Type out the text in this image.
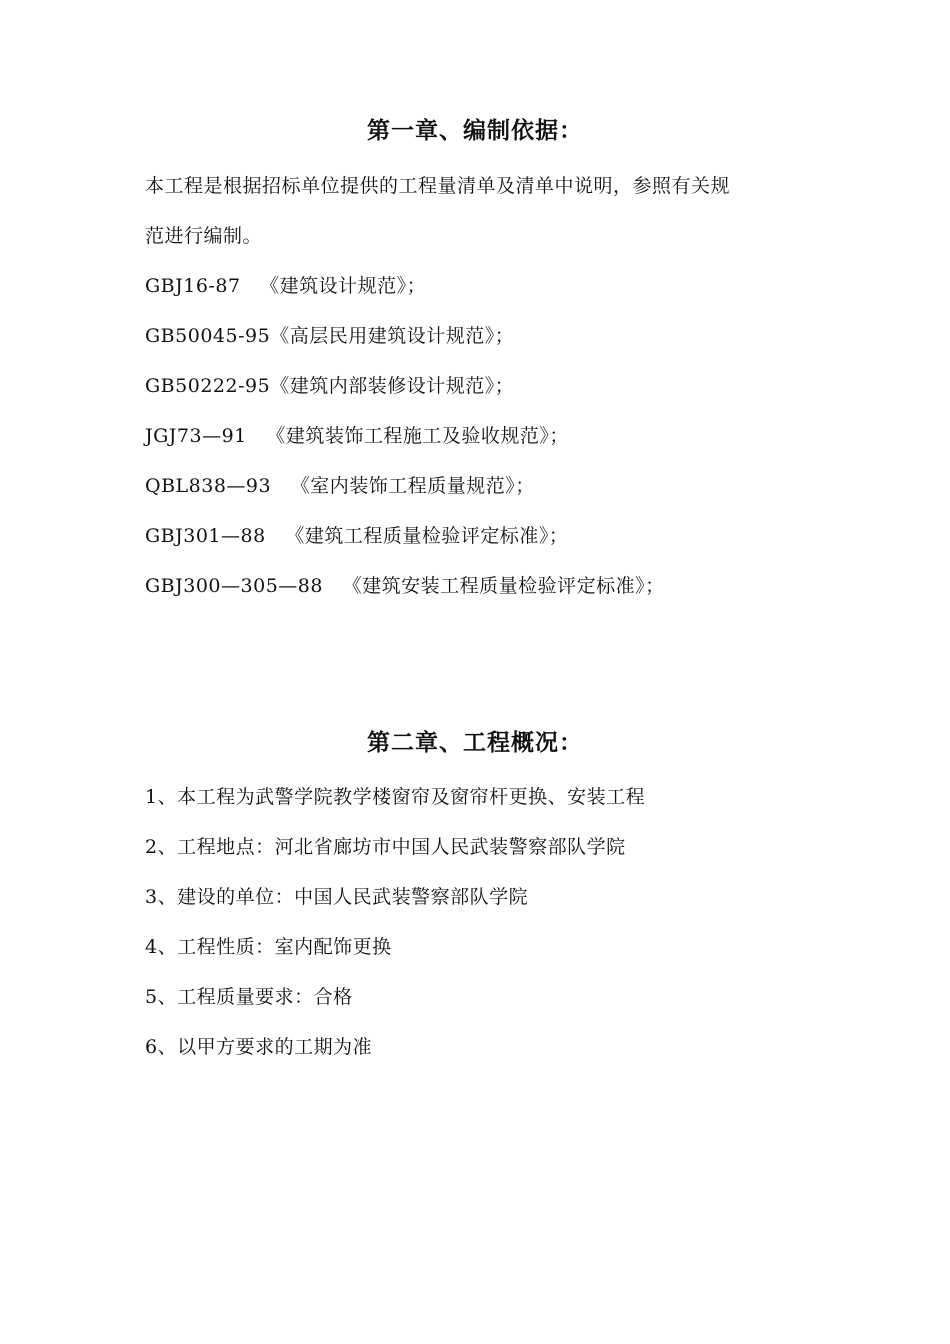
第一章、编制依据：
本工程是根据招标单位提供的工程量清单及清单中说明，参照有关规
范进行编制。
GBJ16-87 《建筑设计规范》；
GB50045-95《高层民用建筑设计规范》；
GB50222-95《建筑内部装修设计规范》；
JGJ73—91 《建筑装饰工程施工及验收规范》；
QBL838—93 《室内装饰工程质量规范》；
GBJ301—88 《建筑工程质量检验评定标准》；
GBJ300—305—88 《建筑安装工程质量检验评定标准》；
第二章、工程概况：
1、本工程为武警学院教学楼窗帘及窗帘杆更换、安装工程
2、工程地点：河北省廊坊市中国人民武装警察部队学院
3、建设的单位：中国人民武装警察部队学院
4、工程性质：室内配饰更换
5、工程质量要求：合格
6、以甲方要求的工期为准
